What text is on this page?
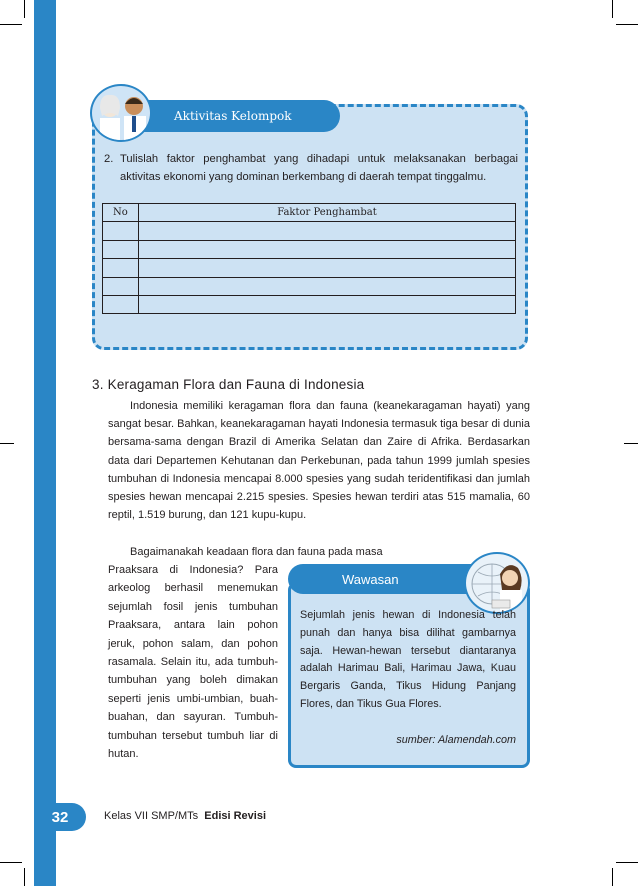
Aktivitas Kelompok
2. Tulislah faktor penghambat yang dihadapi untuk melaksanakan berbagai aktivitas ekonomi yang dominan berkembang di daerah tempat tinggalmu.
No	Faktor Penghambat

3. Keragaman Flora dan Fauna di Indonesia

Indonesia memiliki keragaman flora dan fauna (keanekaragaman hayati) yang sangat besar. Bahkan, keanekaragaman hayati Indonesia termasuk tiga besar di dunia bersama-sama dengan Brazil di Amerika Selatan dan Zaire di Afrika. Berdasarkan data dari Departemen Kehutanan dan Perkebunan, pada tahun 1999 jumlah spesies tumbuhan di Indonesia mencapai 8.000 spesies yang sudah teridentifikasi dan jumlah spesies hewan mencapai 2.215 spesies. Spesies hewan terdiri atas 515 mamalia, 60 reptil, 1.519 burung, dan 121 kupu-kupu.

Bagaimanakah keadaan flora dan fauna pada masa

Praaksara di Indonesia? Para arkeolog berhasil menemukan sejumlah fosil jenis tumbuhan Praaksara, antara lain pohon jeruk, pohon salam, dan pohon rasamala. Selain itu, ada tumbuh-tumbuhan yang boleh dimakan seperti jenis umbi-umbian, buah-buahan, dan sayuran. Tumbuh-tumbuhan tersebut tumbuh liar di hutan.

Wawasan
Sejumlah jenis hewan di Indonesia telah punah dan hanya bisa dilihat gambarnya saja. Hewan-hewan tersebut diantaranya adalah Harimau Bali, Harimau Jawa, Kuau Bergaris Ganda, Tikus Hidung Panjang Flores, dan Tikus Gua Flores.
sumber: Alamendah.com
32	Kelas VII SMP/MTs Edisi Revisi
